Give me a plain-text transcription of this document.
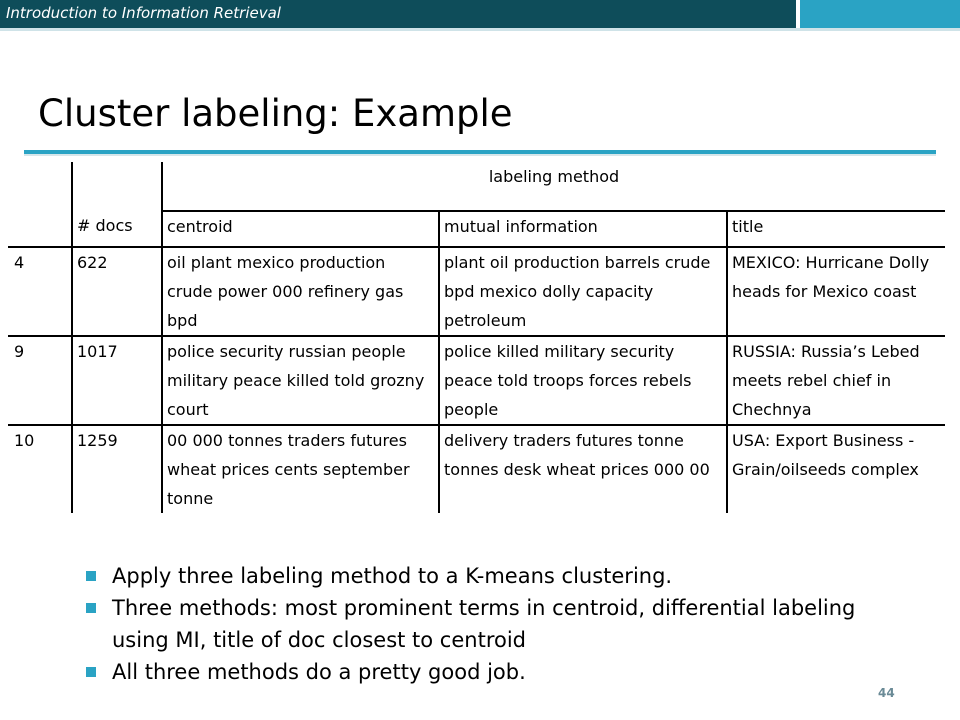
Introduction to Information Retrieval
Cluster labeling: Example
		labeling method		
	# docs	centroid	mutual information	title
4	622	oil plant mexico production crude power 000 refinery gas bpd	plant oil production barrels crude bpd mexico dolly capacity petroleum	MEXICO: Hurricane Dolly heads for Mexico coast
9	1017	police security russian people military peace killed told grozny court	police killed military security peace told troops forces rebels people	RUSSIA: Russia’s Lebed meets rebel chief in Chechnya
10	1259	00 000 tonnes traders futures wheat prices cents september tonne	delivery traders futures tonne tonnes desk wheat prices 000 00	USA: Export Business - Grain/oilseeds complex
Apply three labeling method to a K-means clustering.
Three methods: most prominent terms in centroid, differential labeling using MI, title of doc closest to centroid
All three methods do a pretty good job.
44
